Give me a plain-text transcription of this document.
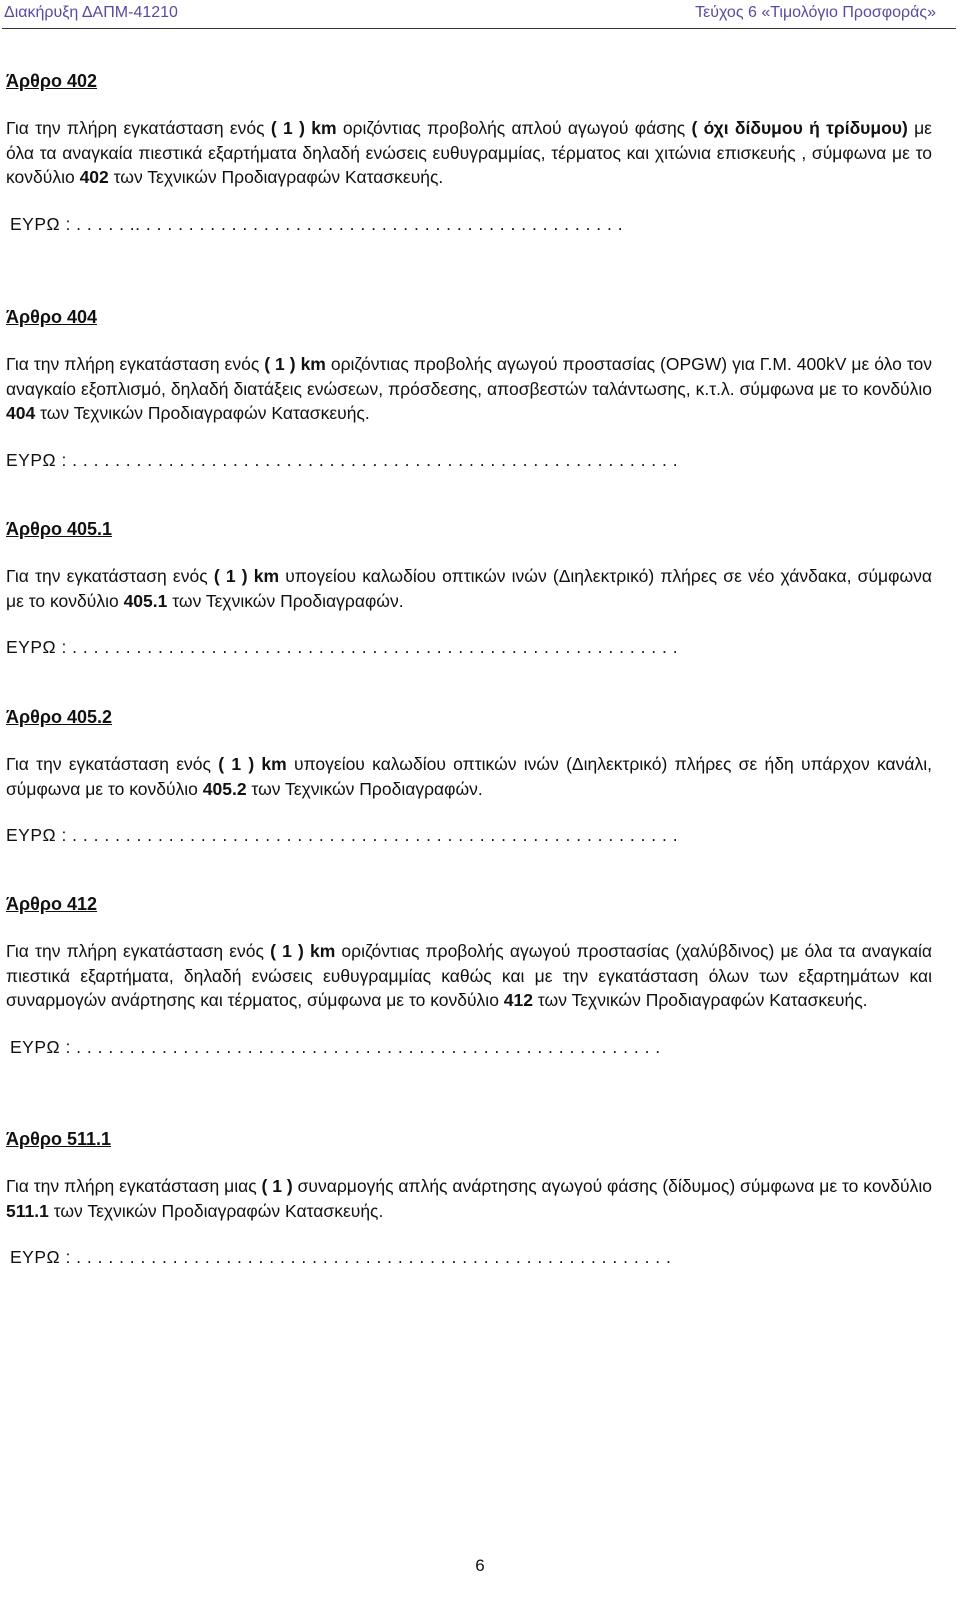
Διακήρυξη ΔΑΠΜ-41210	Τεύχος 6 «Τιμολόγιο Προσφοράς»
Άρθρο 402
Για την πλήρη εγκατάσταση ενός ( 1 ) km οριζόντιας προβολής απλού αγωγού φάσης ( όχι δίδυμου ή τρίδυμου) με όλα τα αναγκαία πιεστικά εξαρτήματα δηλαδή ενώσεις ευθυγραμμίας, τέρματος και χιτώνια επισκευής , σύμφωνα με το κονδύλιο 402 των Τεχνικών Προδιαγραφών Κατασκευής.
ΕΥΡΩ : . . . . . .. . . . . . . . . . . . . . . . . . . . . . . . . . . . . . . . . . . . . . . . . . . . . .
Άρθρο 404
Για την πλήρη εγκατάσταση ενός ( 1 ) km οριζόντιας προβολής αγωγού προστασίας (OPGW) για Γ.Μ. 400kV με όλο τον αναγκαίο εξοπλισμό, δηλαδή διατάξεις ενώσεων, πρόσδεσης, αποσβεστών ταλάντωσης, κ.τ.λ. σύμφωνα με το κονδύλιο 404 των Τεχνικών Προδιαγραφών Κατασκευής.
ΕΥΡΩ : . . . . . . . . . . . . . . . . . . . . . . . . . . . . . . . . . . . . . . . . . . . . . . . . . . . . . . . . .
Άρθρο 405.1
Για την εγκατάσταση ενός ( 1 ) km υπογείου καλωδίου οπτικών ινών (Διηλεκτρικό) πλήρες σε νέο χάνδακα, σύμφωνα με το κονδύλιο 405.1 των Τεχνικών Προδιαγραφών.
ΕΥΡΩ : . . . . . . . . . . . . . . . . . . . . . . . . . . . . . . . . . . . . . . . . . . . . . . . . . . . . . . . . .
Άρθρο 405.2
Για την εγκατάσταση ενός ( 1 ) km υπογείου καλωδίου οπτικών ινών (Διηλεκτρικό) πλήρες σε ήδη υπάρχον κανάλι, σύμφωνα με το κονδύλιο 405.2 των Τεχνικών Προδιαγραφών.
ΕΥΡΩ : . . . . . . . . . . . . . . . . . . . . . . . . . . . . . . . . . . . . . . . . . . . . . . . . . . . . . . . . .
Άρθρο 412
Για την πλήρη εγκατάσταση ενός ( 1 ) km οριζόντιας προβολής αγωγού προστασίας (χαλύβδινος) με όλα τα αναγκαία πιεστικά εξαρτήματα, δηλαδή ενώσεις ευθυγραμμίας καθώς και με την εγκατάσταση όλων των εξαρτημάτων και συναρμογών ανάρτησης και τέρματος, σύμφωνα με το κονδύλιο 412 των Τεχνικών Προδιαγραφών Κατασκευής.
ΕΥΡΩ : . . . . . . . . . . . . . . . . . . . . . . . . . . . . . . . . . . . . . . . . . . . . . . . . . . . . . . .
Άρθρο 511.1
Για την πλήρη εγκατάσταση μιας ( 1 ) συναρμογής απλής ανάρτησης αγωγού φάσης (δίδυμος) σύμφωνα με το κονδύλιο 511.1 των Τεχνικών Προδιαγραφών Κατασκευής.
ΕΥΡΩ : . . . . . . . . . . . . . . . . . . . . . . . . . . . . . . . . . . . . . . . . . . . . . . . . . . . . . . . .
6
